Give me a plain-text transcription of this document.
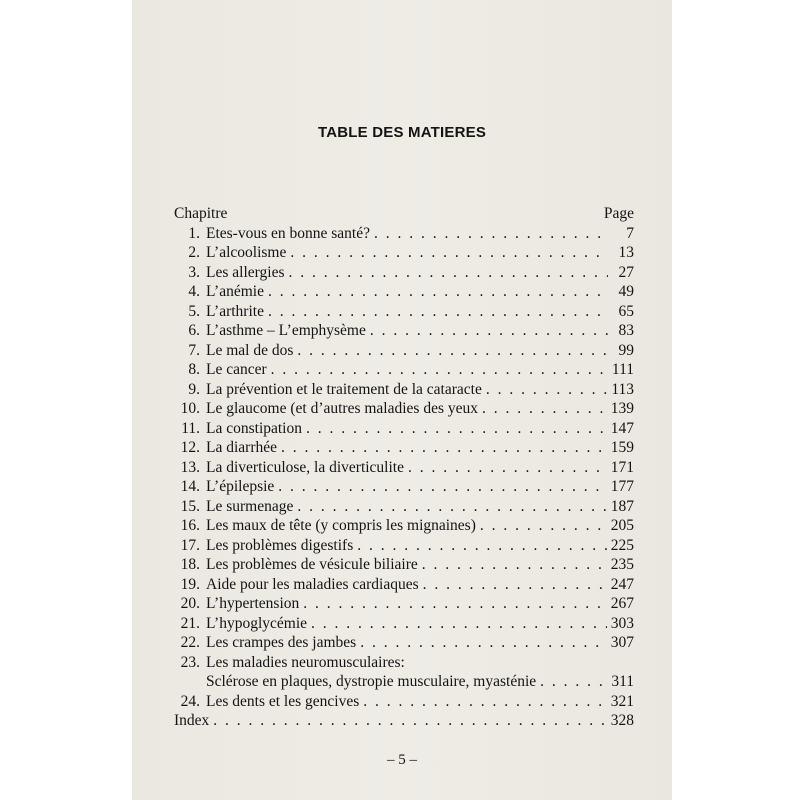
TABLE DES MATIERES
Chapitre	Page
1. Etes-vous en bonne santé? . . .	7
2. L’alcoolisme . . .	13
3. Les allergies . . .	27
4. L’anémie . . .	49
5. L’arthrite . . .	65
6. L’asthme – L’emphysème . . .	83
7. Le mal de dos . . .	99
8. Le cancer . . .	111
9. La prévention et le traitement de la cataracte . . .	113
10. Le glaucome (et d’autres maladies des yeux . . .	139
11. La constipation . . .	147
12. La diarrhée . . .	159
13. La diverticulose, la diverticulite . . .	171
14. L’épilepsie . . .	177
15. Le surmenage . . .	187
16. Les maux de tête (y compris les mignaines) . . .	205
17. Les problèmes digestifs . . .	225
18. Les problèmes de vésicule biliaire . . .	235
19. Aide pour les maladies cardiaques . . .	247
20. L’hypertension . . .	267
21. L’hypoglycémie . . .	303
22. Les crampes des jambes . . .	307
23. Les maladies neuromusculaires:
Sclérose en plaques, dystropie musculaire, myasténie . . .	311
24. Les dents et les gencives . . .	321
Index . . .	328
– 5 –
